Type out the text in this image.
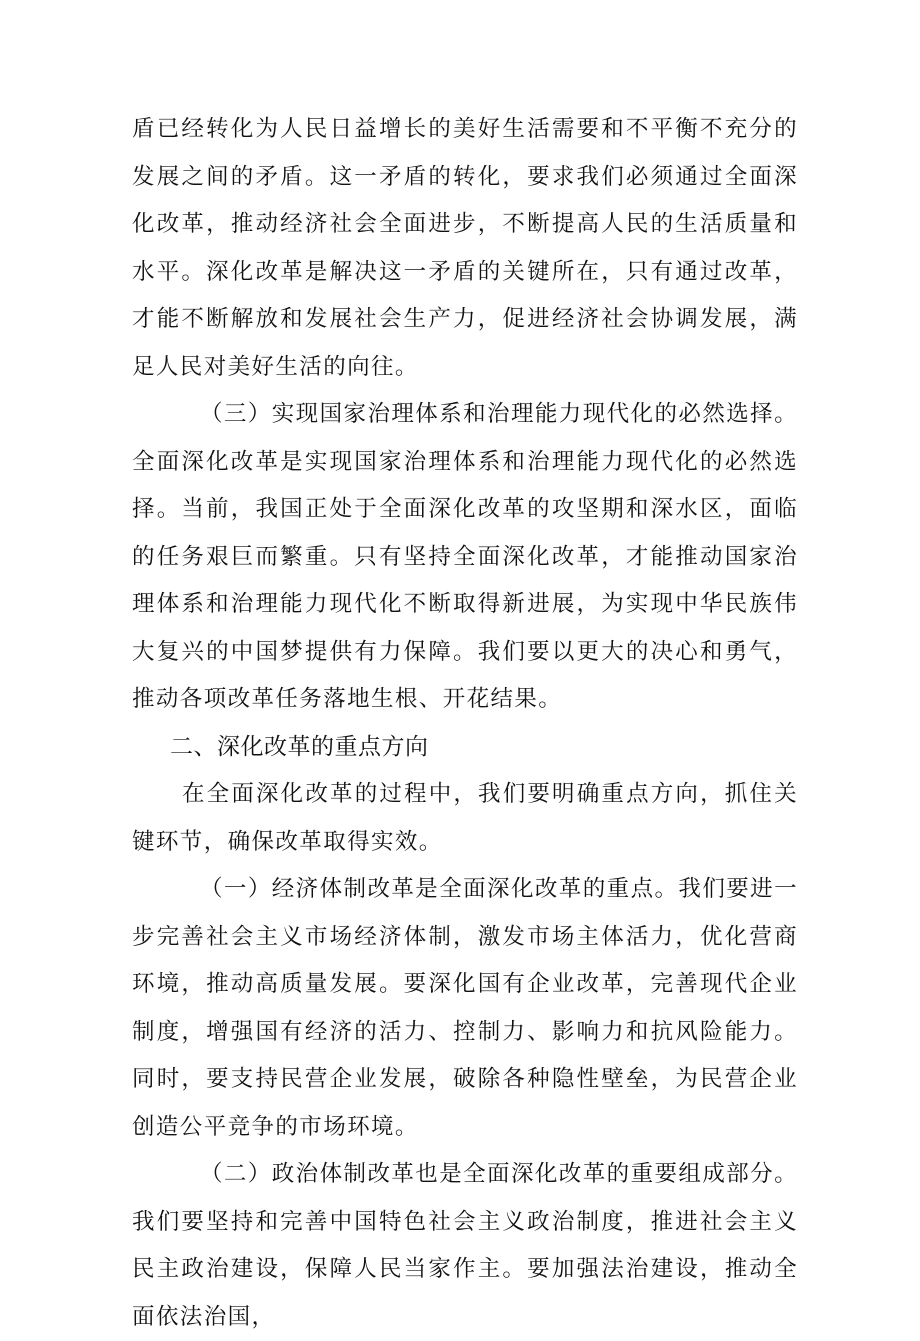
盾已经转化为人民日益增长的美好生活需要和不平衡不充分的发展之间的矛盾。这一矛盾的转化，要求我们必须通过全面深化改革，推动经济社会全面进步，不断提高人民的生活质量和水平。深化改革是解决这一矛盾的关键所在，只有通过改革，才能不断解放和发展社会生产力，促进经济社会协调发展，满足人民对美好生活的向往。

（三）实现国家治理体系和治理能力现代化的必然选择。全面深化改革是实现国家治理体系和治理能力现代化的必然选择。当前，我国正处于全面深化改革的攻坚期和深水区，面临的任务艰巨而繁重。只有坚持全面深化改革，才能推动国家治理体系和治理能力现代化不断取得新进展，为实现中华民族伟大复兴的中国梦提供有力保障。我们要以更大的决心和勇气，推动各项改革任务落地生根、开花结果。

二、深化改革的重点方向

在全面深化改革的过程中，我们要明确重点方向，抓住关键环节，确保改革取得实效。

（一）经济体制改革是全面深化改革的重点。我们要进一步完善社会主义市场经济体制，激发市场主体活力，优化营商环境，推动高质量发展。要深化国有企业改革，完善现代企业制度，增强国有经济的活力、控制力、影响力和抗风险能力。同时，要支持民营企业发展，破除各种隐性壁垒，为民营企业创造公平竞争的市场环境。

（二）政治体制改革也是全面深化改革的重要组成部分。我们要坚持和完善中国特色社会主义政治制度，推进社会主义民主政治建设，保障人民当家作主。要加强法治建设，推动全面依法治国，
